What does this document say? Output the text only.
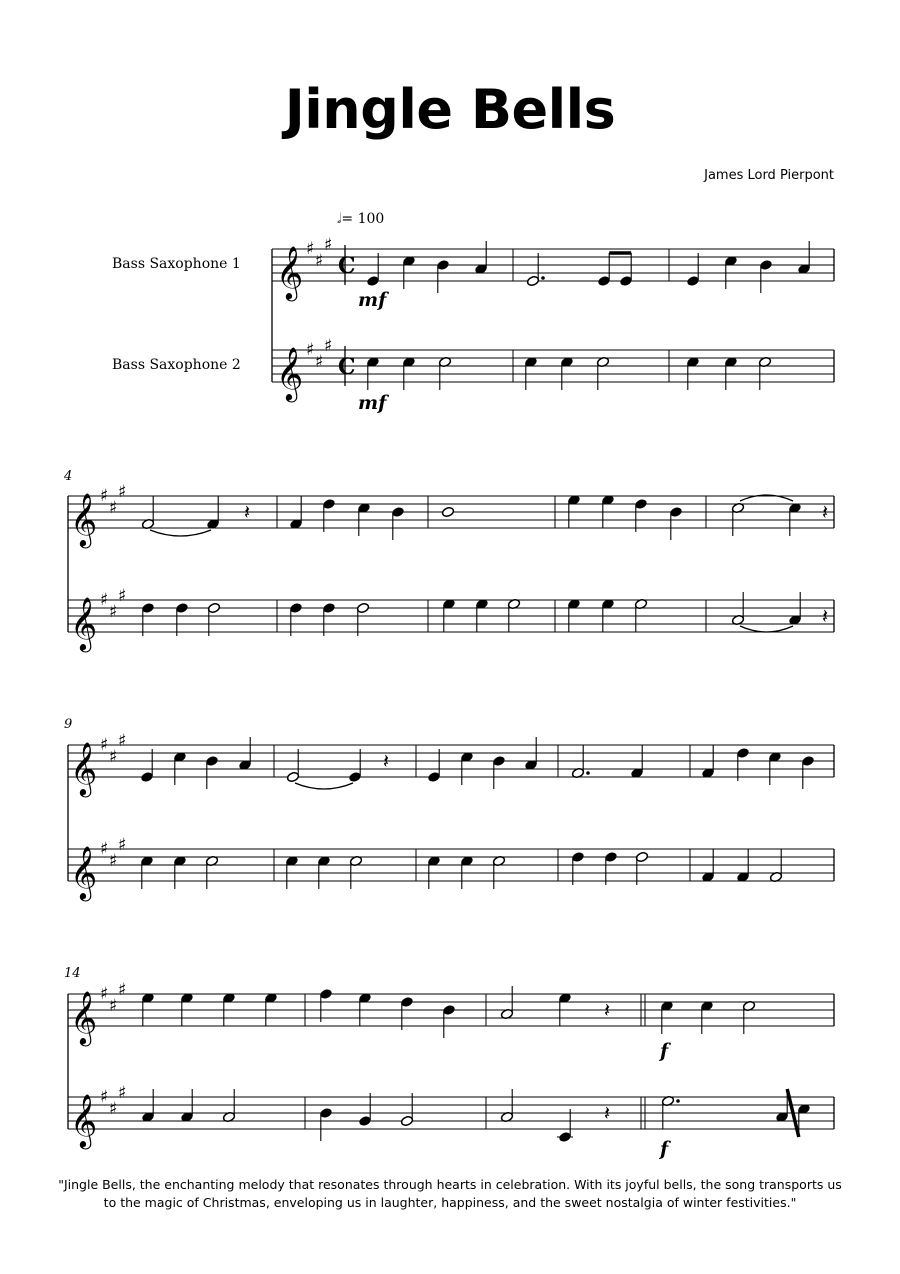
Jingle Bells
James Lord Pierpont
𝅗𝅥= 100
Bass Saxophone 1
Bass Saxophone 2
4
9
14
mf
mf
f
f
𝄞 ♯
♯
♯
𝄞 ♯
♯
♯
𝄞 ♯
♯
♯
𝄞 ♯
♯
♯
𝄞 ♯
♯
♯
𝄞 ♯
♯
♯
𝄞 ♯
♯
♯
𝄞 ♯
♯
♯
C
C
𝄽	𝄽
𝄽
𝄽
𝄽
𝄽
"Jingle Bells, the enchanting melody that resonates through hearts in celebration. With its joyful bells, the song transports us to the magic of Christmas, enveloping us in laughter, happiness, and the sweet nostalgia of winter festivities."
